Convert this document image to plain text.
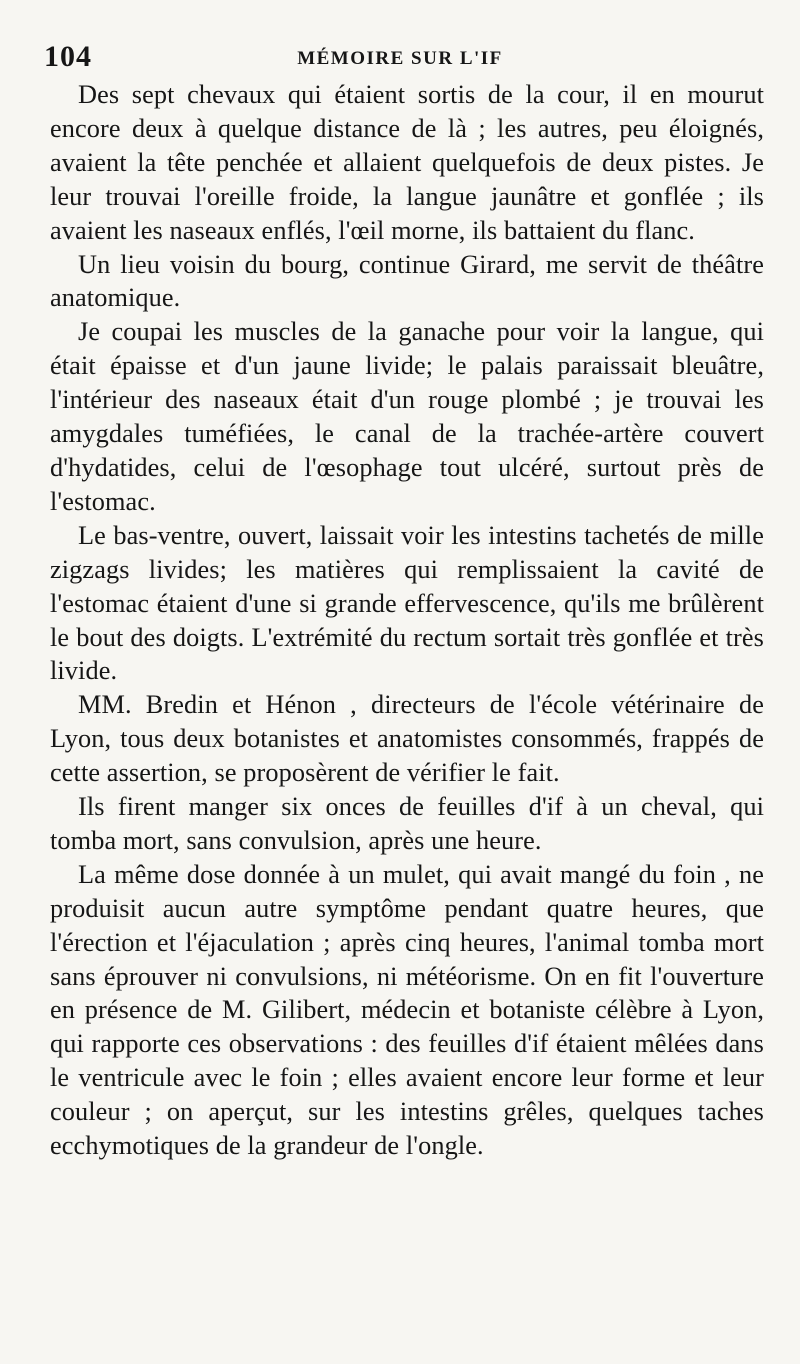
104	MÉMOIRE SUR L'IF

Des sept chevaux qui étaient sortis de la cour, il en mourut encore deux à quelque distance de là ; les autres, peu éloignés, avaient la tête penchée et allaient quelquefois de deux pistes. Je leur trouvai l'oreille froide, la langue jaunâtre et gonflée ; ils avaient les naseaux enflés, l'œil morne, ils battaient du flanc.

Un lieu voisin du bourg, continue Girard, me servit de théâtre anatomique.

Je coupai les muscles de la ganache pour voir la langue, qui était épaisse et d'un jaune livide; le palais paraissait bleuâtre, l'intérieur des naseaux était d'un rouge plombé ; je trouvai les amygdales tuméfiées, le canal de la trachée-artère couvert d'hydatides, celui de l'œsophage tout ulcéré, surtout près de l'estomac.

Le bas-ventre, ouvert, laissait voir les intestins tachetés de mille zigzags livides; les matières qui remplissaient la cavité de l'estomac étaient d'une si grande effervescence, qu'ils me brûlèrent le bout des doigts. L'extrémité du rectum sortait très gonflée et très livide.

MM. Bredin et Hénon , directeurs de l'école vétérinaire de Lyon, tous deux botanistes et anatomistes consommés, frappés de cette assertion, se proposèrent de vérifier le fait.

Ils firent manger six onces de feuilles d'if à un cheval, qui tomba mort, sans convulsion, après une heure.

La même dose donnée à un mulet, qui avait mangé du foin , ne produisit aucun autre symptôme pendant quatre heures, que l'érection et l'éjaculation ; après cinq heures, l'animal tomba mort sans éprouver ni convulsions, ni météorisme. On en fit l'ouverture en présence de M. Gilibert, médecin et botaniste célèbre à Lyon, qui rapporte ces observations : des feuilles d'if étaient mêlées dans le ventricule avec le foin ; elles avaient encore leur forme et leur couleur ; on aperçut, sur les intestins grêles, quelques taches ecchymotiques de la grandeur de l'ongle.
